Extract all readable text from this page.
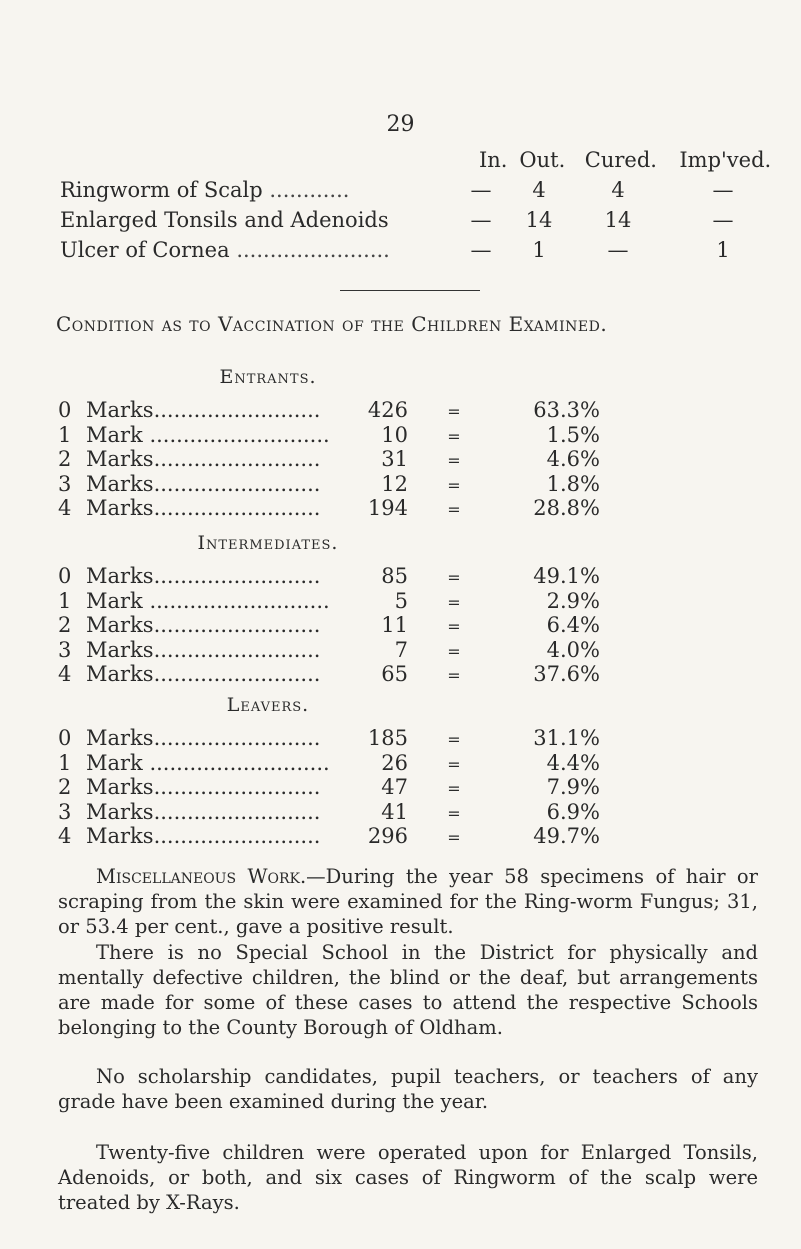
29
In. Out. Cured.	Imp'ved.
Ringworm of Scalp ............	—	4	4	—
Enlarged Tonsils and Adenoids	—	14	14	—
Ulcer of Cornea .......................	—	1	—	1
Condition as to Vaccination of the Children Examined.
Entrants.
0 Marks.........................	426	=	63.3%
1 Mark ...........................	10	=	1.5%
2 Marks.........................	31	=	4.6%
3 Marks.........................	12	=	1.8%
4 Marks.........................	194	=	28.8%
Intermediates.
0 Marks.........................	85	=	49.1%
1 Mark ...........................	5	=	2.9%
2 Marks.........................	11	=	6.4%
3 Marks.........................	7	=	4.0%
4 Marks.........................	65	=	37.6%
Leavers.
0 Marks.........................	185	=	31.1%
1 Mark ...........................	26	=	4.4%
2 Marks.........................	47	=	7.9%
3 Marks.........................	41	=	6.9%
4 Marks.........................	296	=	49.7%

Miscellaneous Work.—During the year 58 specimens of hair or scraping from the skin were examined for the Ring-worm Fungus; 31, or 53.4 per cent., gave a positive result.

There is no Special School in the District for physically and mentally defective children, the blind or the deaf, but arrangements are made for some of these cases to attend the respective Schools belonging to the County Borough of Oldham.

No scholarship candidates, pupil teachers, or teachers of any grade have been examined during the year.

Twenty-five children were operated upon for Enlarged Tonsils, Adenoids, or both, and six cases of Ringworm of the scalp were treated by X-Rays.
